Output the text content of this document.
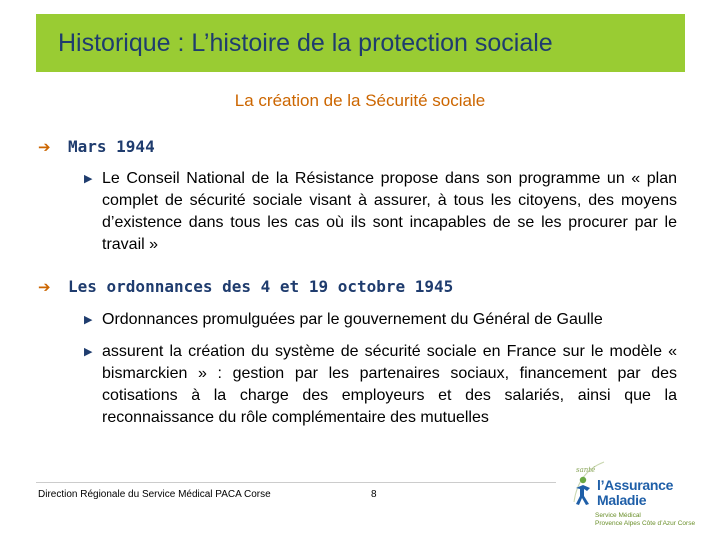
Historique : L’histoire de la protection sociale
La création de la Sécurité sociale
➔	Mars 1944
▶ Le Conseil National de la Résistance propose dans son programme un « plan complet de sécurité sociale visant à assurer, à tous les citoyens, des moyens d’existence dans tous les cas où ils sont incapables de se les procurer par le travail »
➔	Les ordonnances des 4 et 19 octobre 1945
▶ Ordonnances promulguées par le gouvernement du Général de Gaulle
▶ assurent la création du système de sécurité sociale en France sur le modèle « bismarckien » : gestion par les partenaires sociaux, financement par des cotisations à la charge des employeurs et des salariés, ainsi que la reconnaissance du rôle complémentaire des mutuelles
Direction Régionale du Service Médical PACA Corse	8
santé
l’Assurance
Maladie
Service Médical
Provence Alpes Côte d’Azur Corse
